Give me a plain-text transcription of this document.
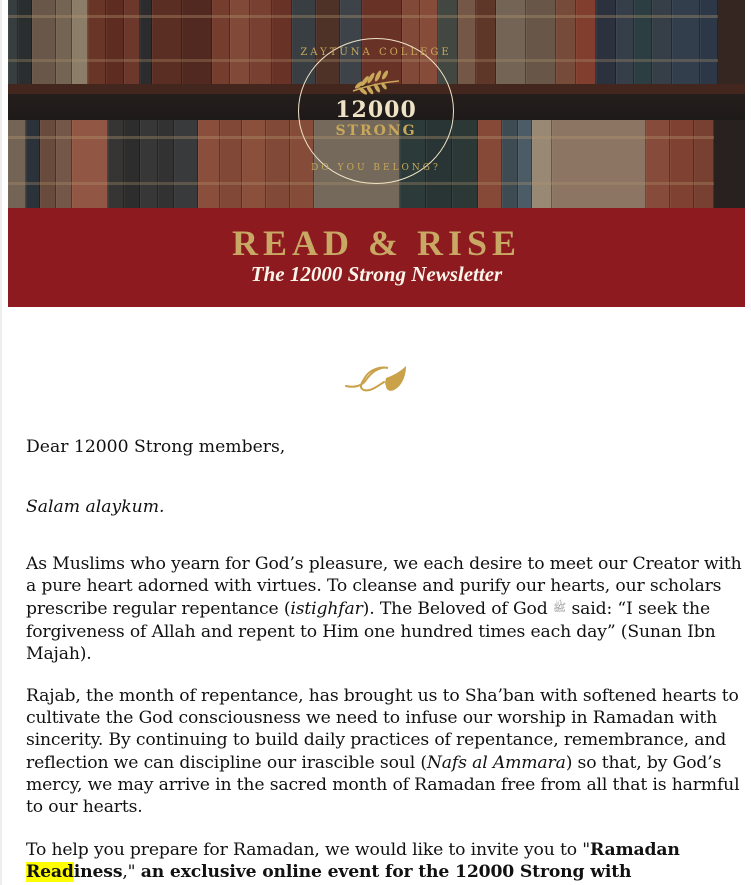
ZAYTUNA COLLEGE
12000
STRONG
DO YOU BELONG?
READ & RISE
The 12000 Strong Newsletter

Dear 12000 Strong members,

Salam alaykum.

As Muslims who yearn for God’s pleasure, we each desire to meet our Creator with a pure heart adorned with virtues. To cleanse and purify our hearts, our scholars prescribe regular repentance (istighfar). The Beloved of God ﷺ said: “I seek the forgiveness of Allah and repent to Him one hundred times each day” (Sunan Ibn Majah).

Rajab, the month of repentance, has brought us to Sha’ban with softened hearts to cultivate the God consciousness we need to infuse our worship in Ramadan with sincerity. By continuing to build daily practices of repentance, remembrance, and reflection we can discipline our irascible soul (Nafs al Ammara) so that, by God’s mercy, we may arrive in the sacred month of Ramadan free from all that is harmful to our hearts.

To help you prepare for Ramadan, we would like to invite you to "Ramadan Readiness," an exclusive online event for the 12000 Strong with
